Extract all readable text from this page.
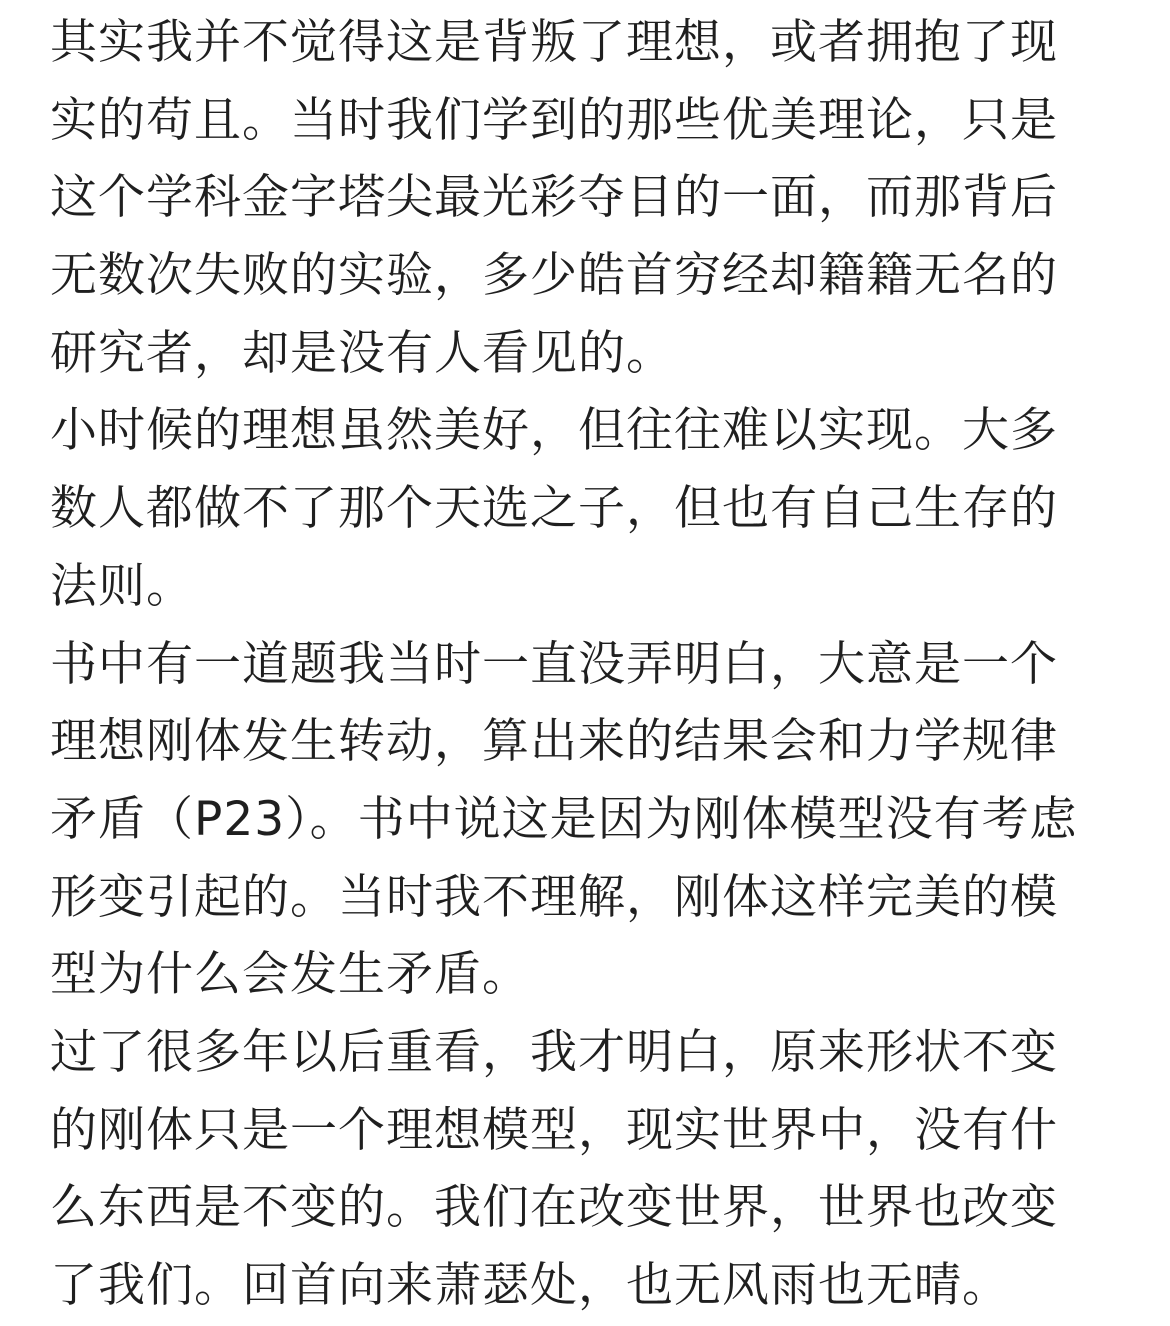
其实我并不觉得这是背叛了理想，或者拥抱了现
实的苟且。当时我们学到的那些优美理论，只是
这个学科金字塔尖最光彩夺目的一面，而那背后
无数次失败的实验，多少皓首穷经却籍籍无名的
研究者，却是没有人看见的。
小时候的理想虽然美好，但往往难以实现。大多
数人都做不了那个天选之子，但也有自己生存的
法则。
书中有一道题我当时一直没弄明白，大意是一个
理想刚体发生转动，算出来的结果会和力学规律
矛盾（P23）。书中说这是因为刚体模型没有考虑
形变引起的。当时我不理解，刚体这样完美的模
型为什么会发生矛盾。
过了很多年以后重看，我才明白，原来形状不变
的刚体只是一个理想模型，现实世界中，没有什
么东西是不变的。我们在改变世界，世界也改变
了我们。回首向来萧瑟处，也无风雨也无晴。
